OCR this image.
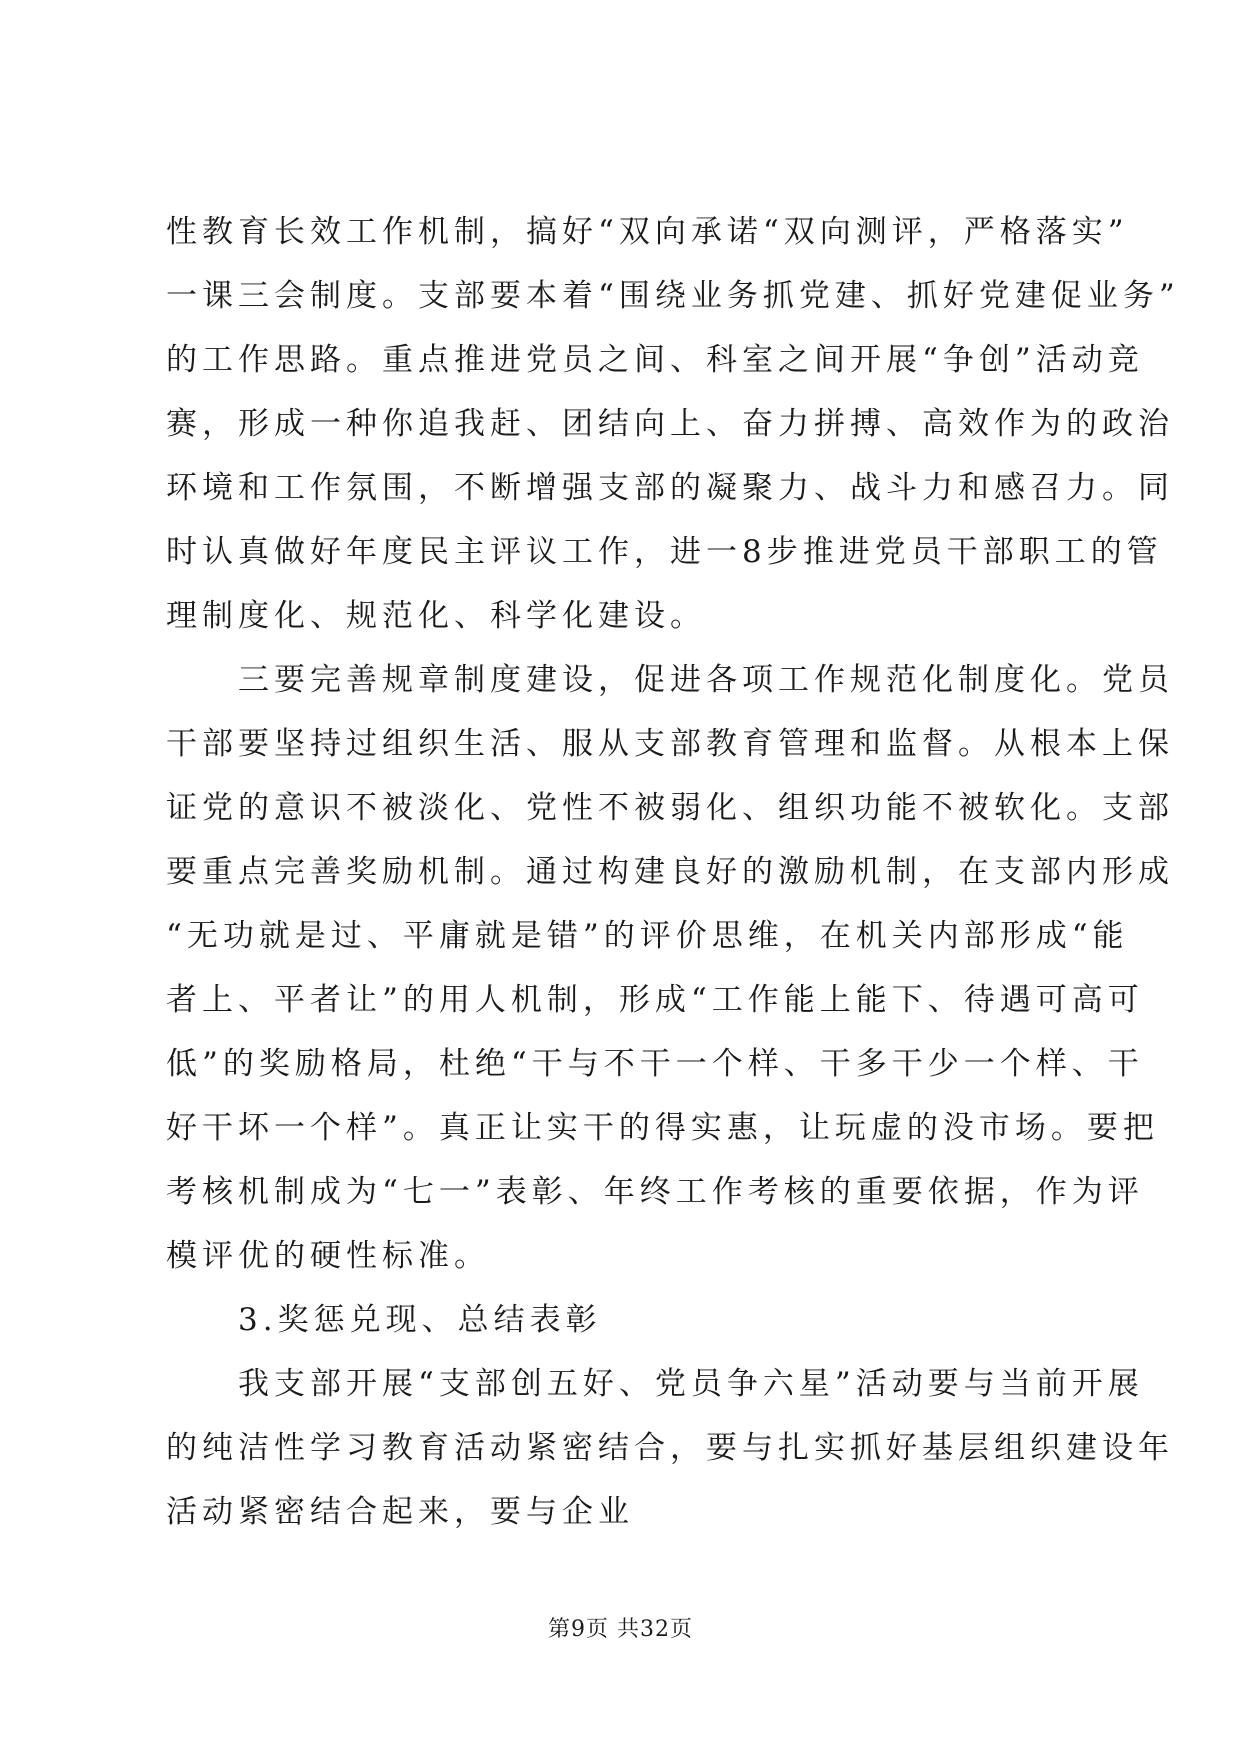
性教育长效工作机制，搞好“双向承诺“双向测评，严格落实”
一课三会制度。支部要本着“围绕业务抓党建、抓好党建促业务”
的工作思路。重点推进党员之间、科室之间开展“争创”活动竞
赛，形成一种你追我赶、团结向上、奋力拼搏、高效作为的政治
环境和工作氛围，不断增强支部的凝聚力、战斗力和感召力。同
时认真做好年度民主评议工作，进一8步推进党员干部职工的管
理制度化、规范化、科学化建设。
　　三要完善规章制度建设，促进各项工作规范化制度化。党员
干部要坚持过组织生活、服从支部教育管理和监督。从根本上保
证党的意识不被淡化、党性不被弱化、组织功能不被软化。支部
要重点完善奖励机制。通过构建良好的激励机制，在支部内形成
“无功就是过、平庸就是错”的评价思维，在机关内部形成“能
者上、平者让”的用人机制，形成“工作能上能下、待遇可高可
低”的奖励格局，杜绝“干与不干一个样、干多干少一个样、干
好干坏一个样”。真正让实干的得实惠，让玩虚的没市场。要把
考核机制成为“七一”表彰、年终工作考核的重要依据，作为评
模评优的硬性标准。
　　3.奖惩兑现、总结表彰
　　我支部开展“支部创五好、党员争六星”活动要与当前开展
的纯洁性学习教育活动紧密结合，要与扎实抓好基层组织建设年
活动紧密结合起来，要与企业
第9页 共32页
